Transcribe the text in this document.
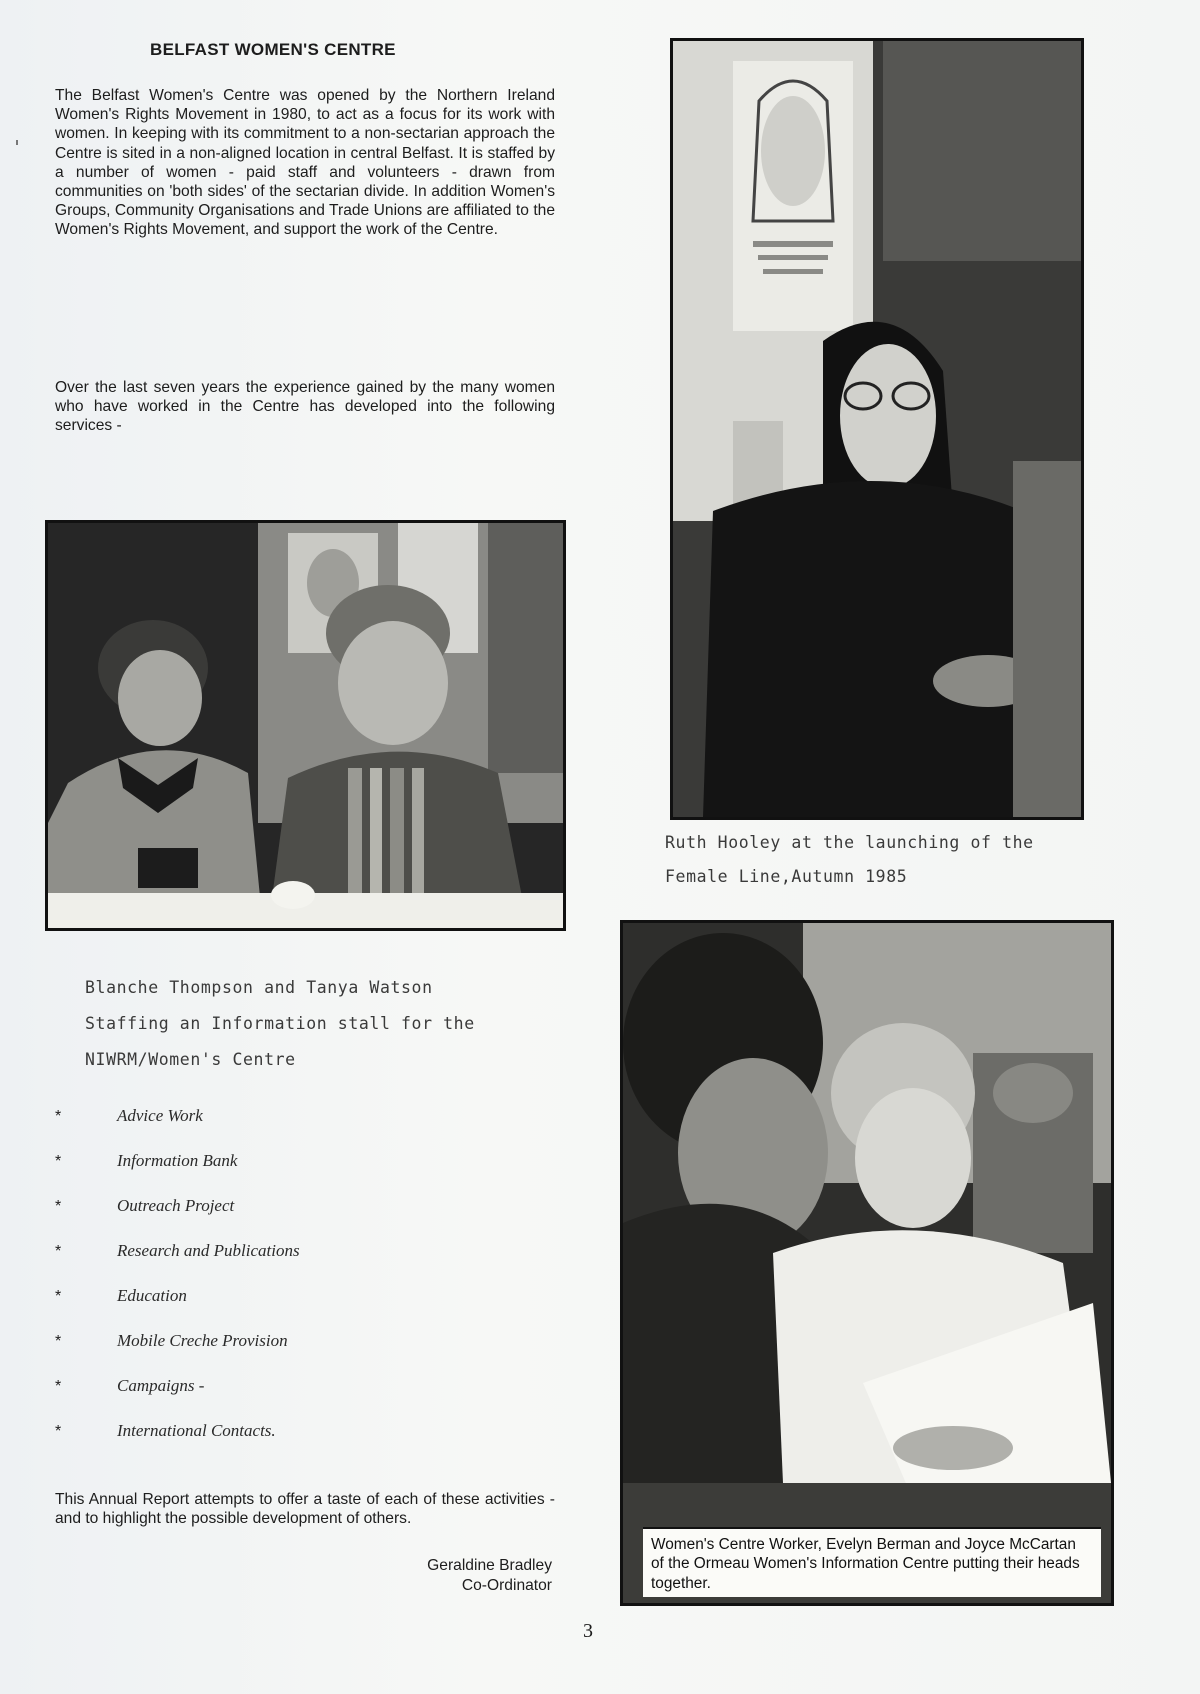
BELFAST WOMEN'S CENTRE
The Belfast Women's Centre was opened by the Northern Ireland Women's Rights Movement in 1980, to act as a focus for its work with women. In keeping with its commitment to a non-sectarian approach the Centre is sited in a non-aligned location in central Belfast. It is staffed by a number of women - paid staff and volunteers - drawn from communities on 'both sides' of the sectarian divide. In addition Women's Groups, Community Organisations and Trade Unions are affiliated to the Women's Rights Movement, and support the work of the Centre.
Over the last seven years the experience gained by the many women who have worked in the Centre has developed into the following services -
Blanche Thompson and Tanya Watson
Staffing an Information stall for the
NIWRM/Women's Centre
Ruth Hooley at the launching of the
Female Line,Autumn 1985
*	Advice Work
*	Information Bank
*	Outreach Project
*	Research and Publications
*	Education
*	Mobile Creche Provision
*	Campaigns -
*	International Contacts.
This Annual Report attempts to offer a taste of each of these activities - and to highlight the possible development of others.
Geraldine Bradley
Co-Ordinator
Women's Centre Worker, Evelyn Berman and Joyce McCartan of the Ormeau Women's Information Centre putting their heads together.
3
